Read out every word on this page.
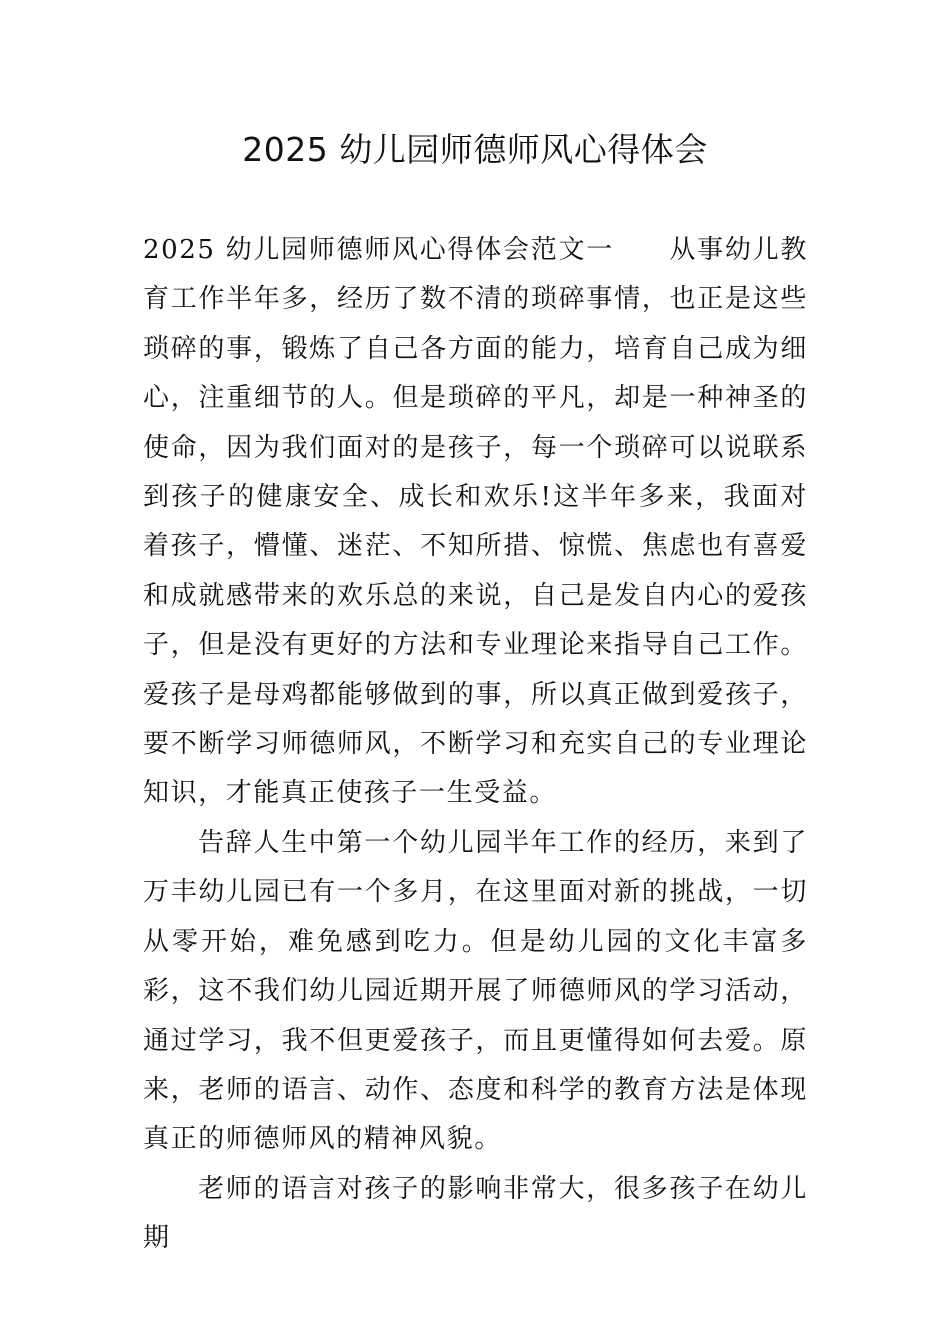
2025 幼儿园师德师风心得体会

2025 幼儿园师德师风心得体会范文一　　从事幼儿教育工作半年多，经历了数不清的琐碎事情，也正是这些琐碎的事，锻炼了自己各方面的能力，培育自己成为细心，注重细节的人。但是琐碎的平凡，却是一种神圣的使命，因为我们面对的是孩子，每一个琐碎可以说联系到孩子的健康安全、成长和欢乐!这半年多来，我面对着孩子，懵懂、迷茫、不知所措、惊慌、焦虑也有喜爱和成就感带来的欢乐总的来说，自己是发自内心的爱孩子，但是没有更好的方法和专业理论来指导自己工作。爱孩子是母鸡都能够做到的事，所以真正做到爱孩子，要不断学习师德师风，不断学习和充实自己的专业理论知识，才能真正使孩子一生受益。

告辞人生中第一个幼儿园半年工作的经历，来到了万丰幼儿园已有一个多月，在这里面对新的挑战，一切从零开始，难免感到吃力。但是幼儿园的文化丰富多彩，这不我们幼儿园近期开展了师德师风的学习活动，通过学习，我不但更爱孩子，而且更懂得如何去爱。原来，老师的语言、动作、态度和科学的教育方法是体现真正的师德师风的精神风貌。

老师的语言对孩子的影响非常大，很多孩子在幼儿期
